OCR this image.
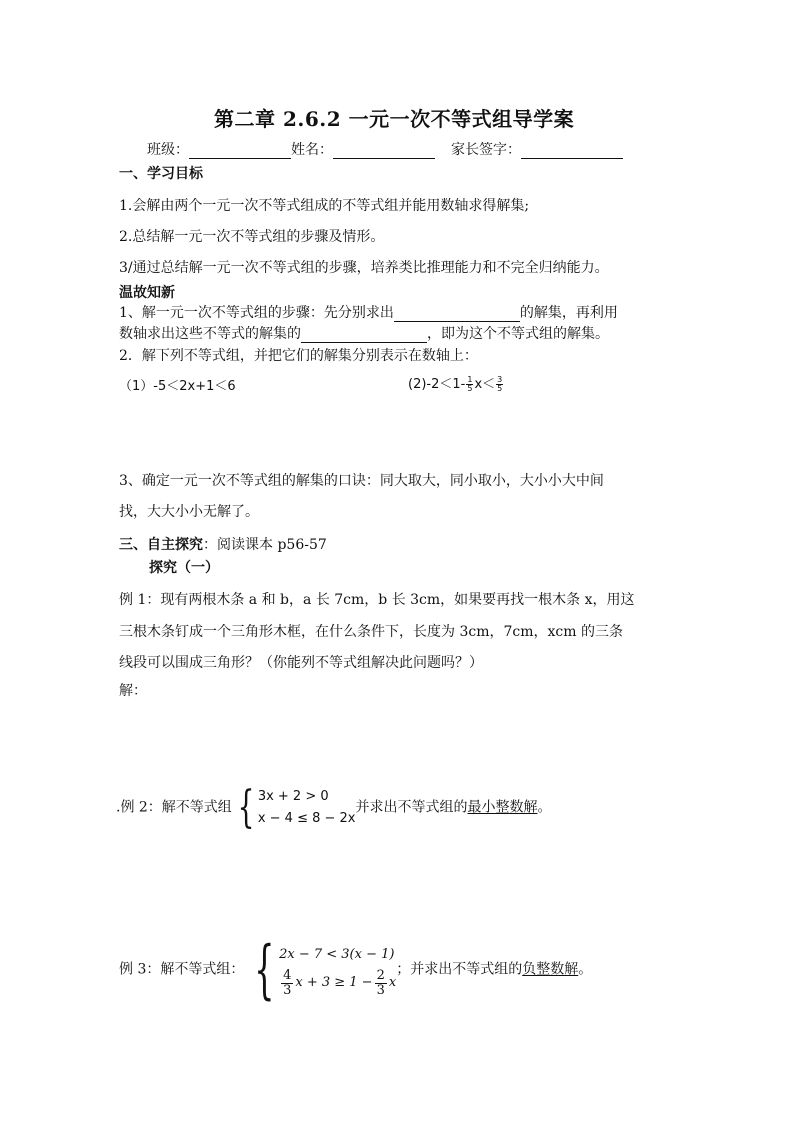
第二章 2.6.2 一元一次不等式组导学案
班级：	姓名：	家长签字：
一、学习目标
1.会解由两个一元一次不等式组成的不等式组并能用数轴求得解集;
2.总结解一元一次不等式组的步骤及情形。
3/通过总结解一元一次不等式组的步骤，培养类比推理能力和不完全归纳能力。
温故知新
1、解一元一次不等式组的步骤：先分别求出	的解集，再利用
数轴求出这些不等式的解集的	，即为这个不等式组的解集。
2．解下列不等式组，并把它们的解集分别表示在数轴上：
（1）-5＜2x+1＜6	$(2)-2<1- \frac{1}{5} x< \frac{3}{5}$
3、确定一元一次不等式组的解集的口诀：同大取大，同小取小，大小小大中间
找，大大小小无解了。
三、自主探究：阅读课本 p56-57
探究（一）
例 1：现有两根木条 a 和 b，a 长 7cm，b 长 3cm，如果要再找一根木条 x，用这
三根木条钉成一个三角形木框，在什么条件下，长度为 3cm，7cm，xcm 的三条
线段可以围成三角形？（你能列不等式组解决此问题吗？）
解：
.例 2：解不等式组 { 3x + 2 > 0
x − 4 ≤ 8 − 2x
并求出不等式组的最小整数解。
例 3：解不等式组： { 2x − 7 < 3(x − 1)
4
3 $x + 3 \ge 1 - \frac{2}{3}$ x
；并求出不等式组的负整数解。
